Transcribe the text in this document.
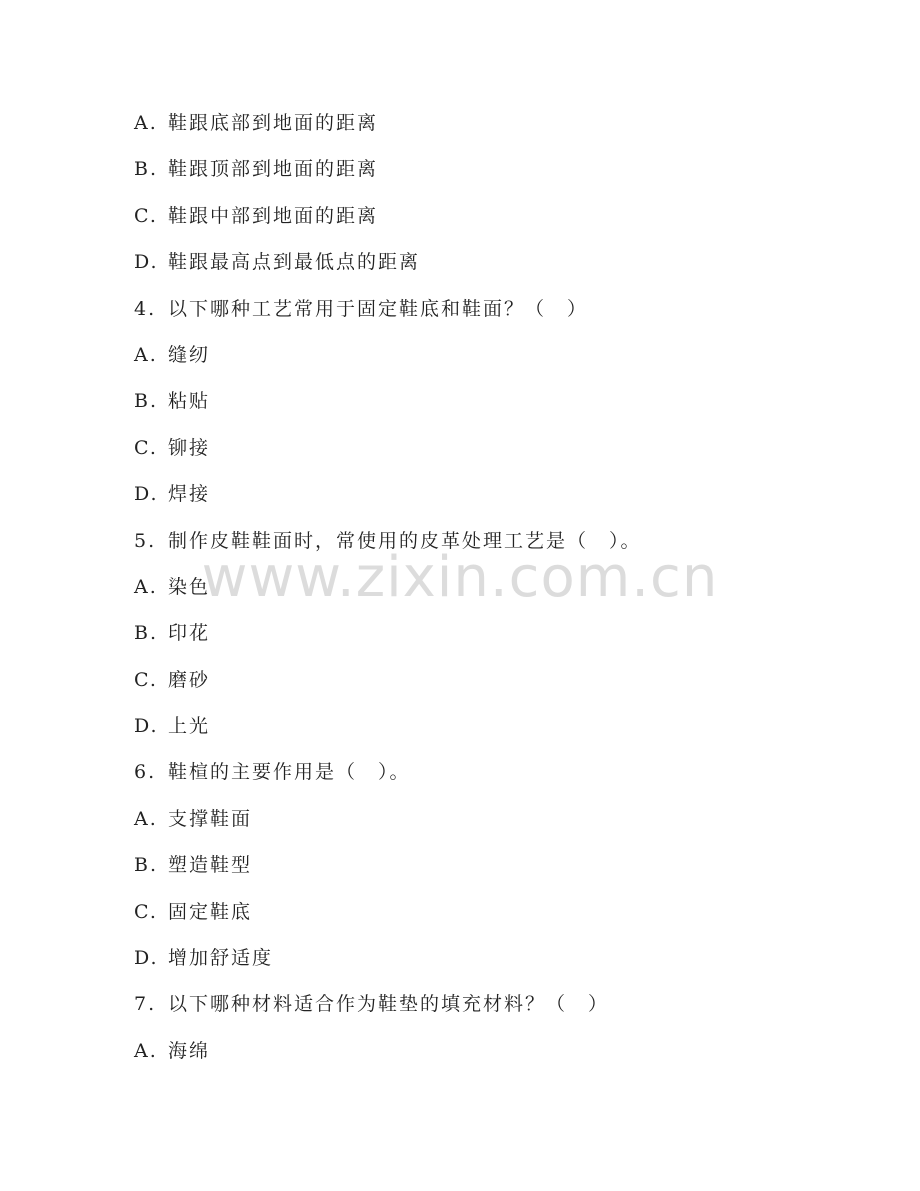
A. 鞋跟底部到地面的距离
B. 鞋跟顶部到地面的距离
C. 鞋跟中部到地面的距离
D. 鞋跟最高点到最低点的距离
4. 以下哪种工艺常用于固定鞋底和鞋面？（　）
A. 缝纫
B. 粘贴
C. 铆接
D. 焊接
5. 制作皮鞋鞋面时，常使用的皮革处理工艺是（　）。
A. 染色
B. 印花
C. 磨砂
D. 上光
6. 鞋楦的主要作用是（　）。
A. 支撑鞋面
B. 塑造鞋型
C. 固定鞋底
D. 增加舒适度
7. 以下哪种材料适合作为鞋垫的填充材料？（　）
A. 海绵
www.zixin.com.cn
